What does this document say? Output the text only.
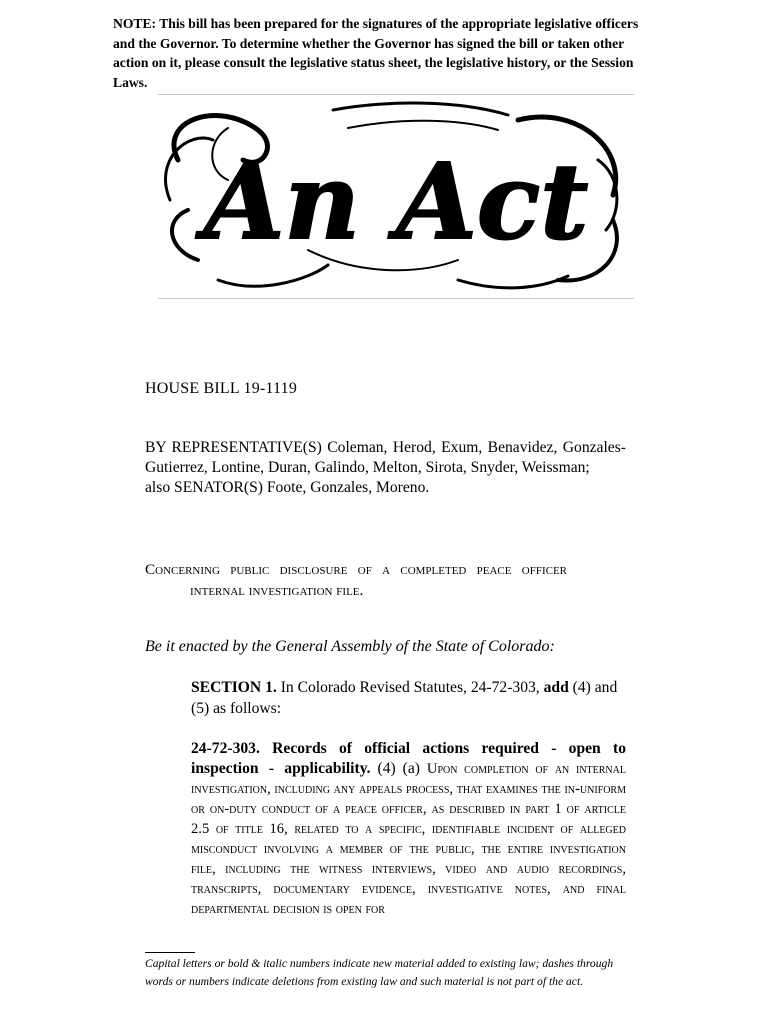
NOTE: This bill has been prepared for the signatures of the appropriate legislative officers and the Governor. To determine whether the Governor has signed the bill or taken other action on it, please consult the legislative status sheet, the legislative history, or the Session Laws.
An Act
HOUSE BILL 19-1119

BY REPRESENTATIVE(S) Coleman, Herod, Exum, Benavidez, Gonzales-Gutierrez, Lontine, Duran, Galindo, Melton, Sirota, Snyder, Weissman;

also SENATOR(S) Foote, Gonzales, Moreno.

Concerning public disclosure of a completed peace officer
internal investigation file.
Be it enacted by the General Assembly of the State of Colorado:

SECTION 1. In Colorado Revised Statutes, 24-72-303, add (4) and (5) as follows:

24-72-303. Records of official actions required - open to inspection - applicability. (4) (a) Upon completion of an internal investigation, including any appeals process, that examines the in-uniform or on-duty conduct of a peace officer, as described in part 1 of article 2.5 of title 16, related to a specific, identifiable incident of alleged misconduct involving a member of the public, the entire investigation file, including the witness interviews, video and audio recordings, transcripts, documentary evidence, investigative notes, and final departmental decision is open for

Capital letters or bold & italic numbers indicate new material added to existing law; dashes through words or numbers indicate deletions from existing law and such material is not part of the act.
